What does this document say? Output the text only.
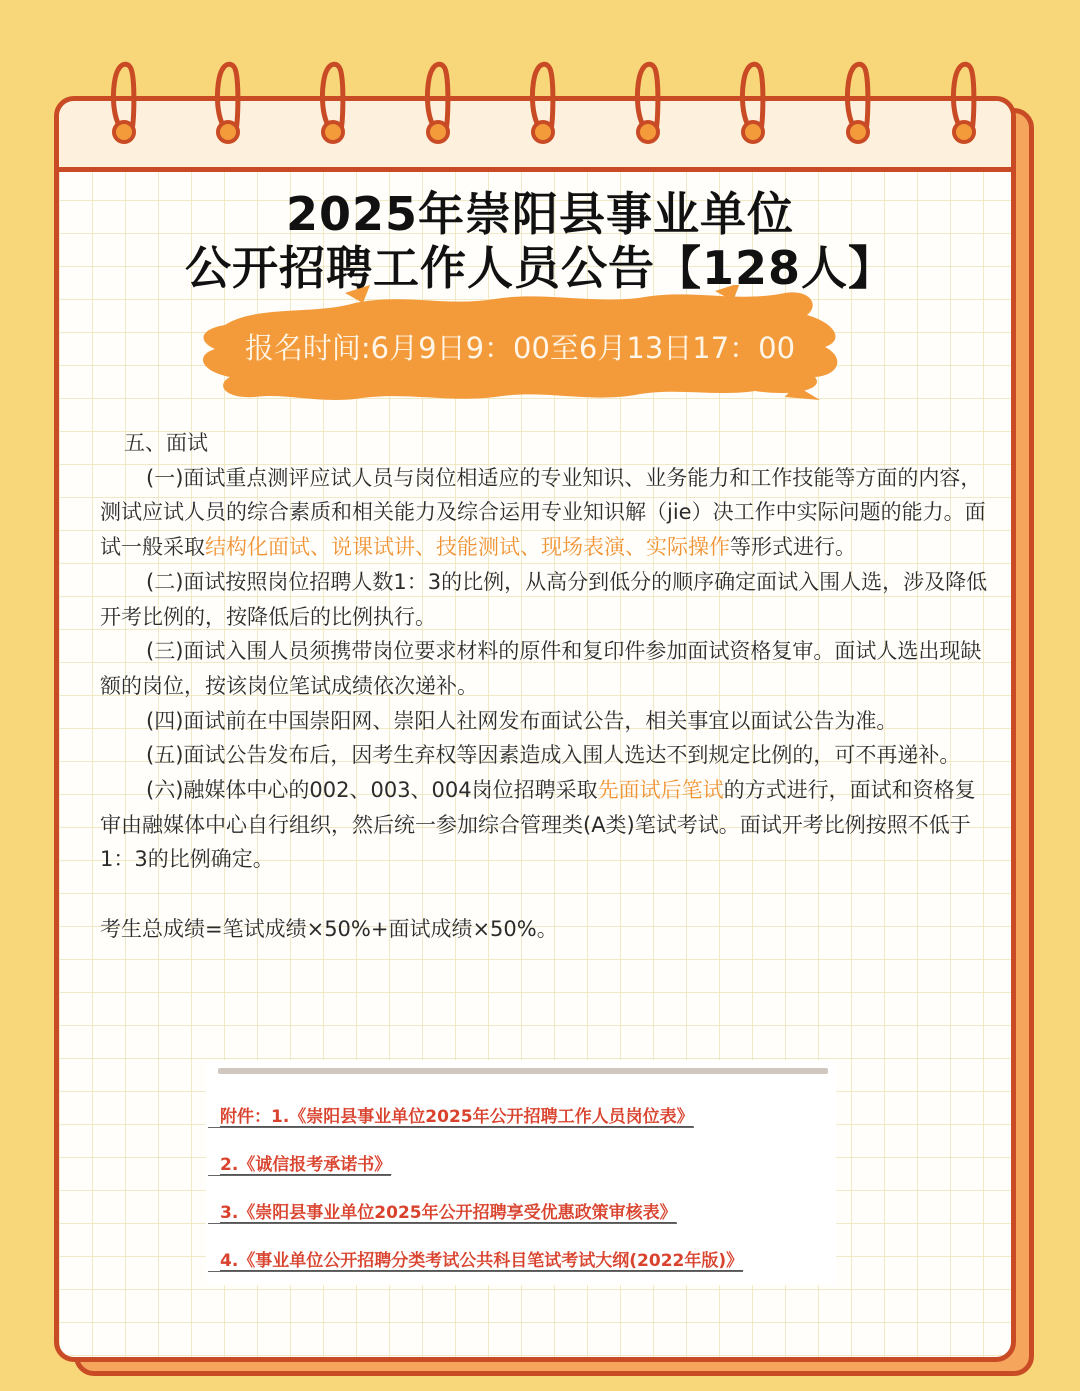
2025年崇阳县事业单位
公开招聘工作人员公告【128人】
报名时间:6月9日9：00至6月13日17：00

五、面试

(一)面试重点测评应试人员与岗位相适应的专业知识、业务能力和工作技能等方面的内容，测试应试人员的综合素质和相关能力及综合运用专业知识解（jie）决工作中实际问题的能力。面试一般采取结构化面试、说课试讲、技能测试、现场表演、实际操作等形式进行。

(二)面试按照岗位招聘人数1：3的比例，从高分到低分的顺序确定面试入围人选，涉及降低开考比例的，按降低后的比例执行。

(三)面试入围人员须携带岗位要求材料的原件和复印件参加面试资格复审。面试人选出现缺额的岗位，按该岗位笔试成绩依次递补。

(四)面试前在中国崇阳网、崇阳人社网发布面试公告，相关事宜以面试公告为准。

(五)面试公告发布后，因考生弃权等因素造成入围人选达不到规定比例的，可不再递补。

(六)融媒体中心的002、003、004岗位招聘采取先面试后笔试的方式进行，面试和资格复审由融媒体中心自行组织，然后统一参加综合管理类(A类)笔试考试。面试开考比例按照不低于1：3的比例确定。

考生总成绩=笔试成绩×50%+面试成绩×50%。

附件：1.《崇阳县事业单位2025年公开招聘工作人员岗位表》
2.《诚信报考承诺书》
3.《崇阳县事业单位2025年公开招聘享受优惠政策审核表》
4.《事业单位公开招聘分类考试公共科目笔试考试大纲(2022年版)》
